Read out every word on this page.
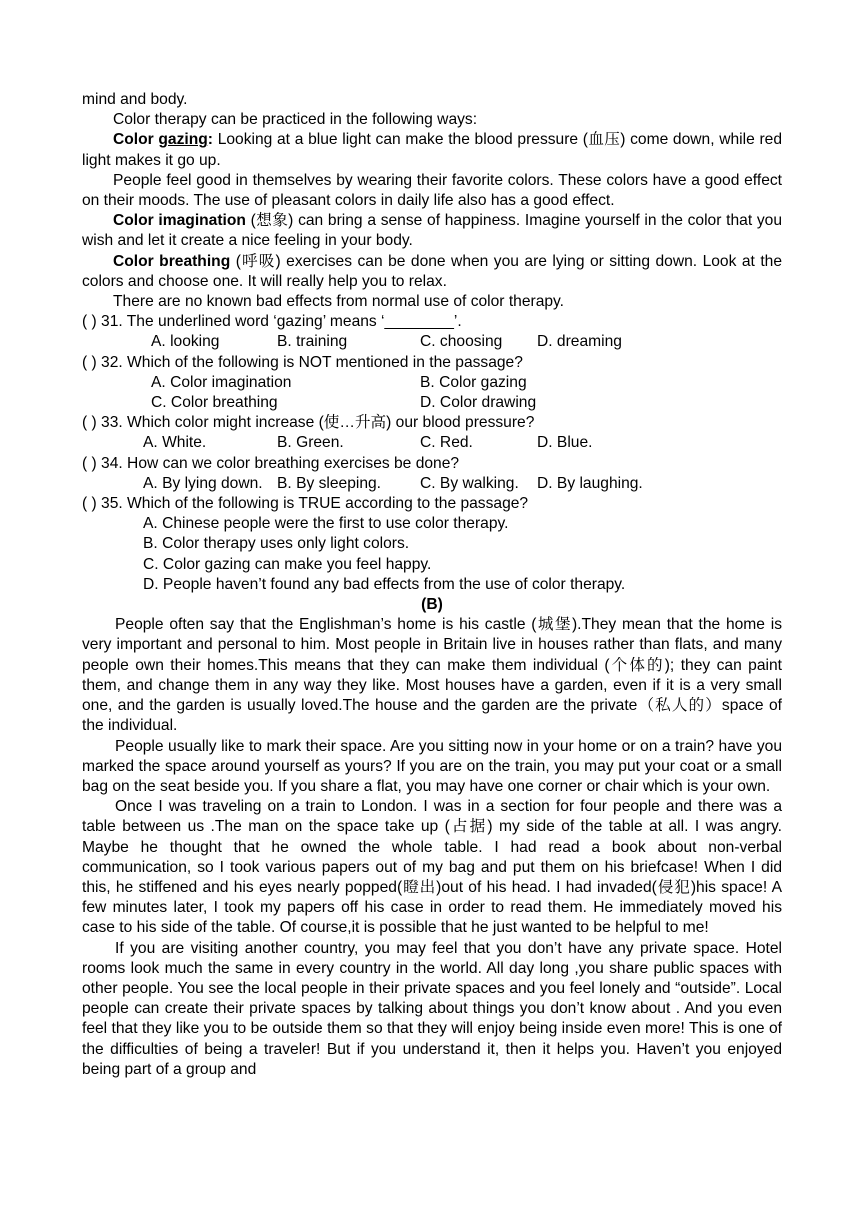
mind and body.

Color therapy can be practiced in the following ways:

Color gazing: Looking at a blue light can make the blood pressure (血压) come down, while red light makes it go up.

People feel good in themselves by wearing their favorite colors. These colors have a good effect on their moods. The use of pleasant colors in daily life also has a good effect.

Color imagination (想象) can bring a sense of happiness. Imagine yourself in the color that you wish and let it create a nice feeling in your body.

Color breathing (呼吸) exercises can be done when you are lying or sitting down. Look at the colors and choose one. It will really help you to relax.

There are no known bad effects from normal use of color therapy.

( ) 31. The underlined word ‘gazing’ means ‘________’.

A. looking	B. training	C. choosing	D. dreaming

( ) 32. Which of the following is NOT mentioned in the passage?

A. Color imagination	B. Color gazing
C. Color breathing	D. Color drawing

( ) 33. Which color might increase (使…升高) our blood pressure?

A. White.	B. Green.	C. Red.	D. Blue.

( ) 34. How can we color breathing exercises be done?

A. By lying down. B. By sleeping.	C. By walking.	D. By laughing.

( ) 35. Which of the following is TRUE according to the passage?

A. Chinese people were the first to use color therapy.

B. Color therapy uses only light colors.

C. Color gazing can make you feel happy.

D. People haven’t found any bad effects from the use of color therapy.

(B)

People often say that the Englishman’s home is his castle (城堡).They mean that the home is very important and personal to him. Most people in Britain live in houses rather than flats, and many people own their homes.This means that they can make them individual (个体的); they can paint them, and change them in any way they like. Most houses have a garden, even if it is a very small one, and the garden is usually loved.The house and the garden are the private（私人的）space of the individual.

People usually like to mark their space. Are you sitting now in your home or on a train? have you marked the space around yourself as yours? If you are on the train, you may put your coat or a small bag on the seat beside you. If you share a flat, you may have one corner or chair which is your own.

Once I was traveling on a train to London. I was in a section for four people and there was a table between us .The man on the space take up (占据) my side of the table at all. I was angry. Maybe he thought that he owned the whole table. I had read a book about non-verbal communication, so I took various papers out of my bag and put them on his briefcase! When I did this, he stiffened and his eyes nearly popped(瞪出)out of his head. I had invaded(侵犯)his space! A few minutes later, I took my papers off his case in order to read them. He immediately moved his case to his side of the table. Of course,it is possible that he just wanted to be helpful to me!

If you are visiting another country, you may feel that you don’t have any private space. Hotel rooms look much the same in every country in the world. All day long ,you share public spaces with other people. You see the local people in their private spaces and you feel lonely and “outside”. Local people can create their private spaces by talking about things you don’t know about . And you even feel that they like you to be outside them so that they will enjoy being inside even more! This is one of the difficulties of being a traveler! But if you understand it, then it helps you. Haven’t you enjoyed being part of a group and
